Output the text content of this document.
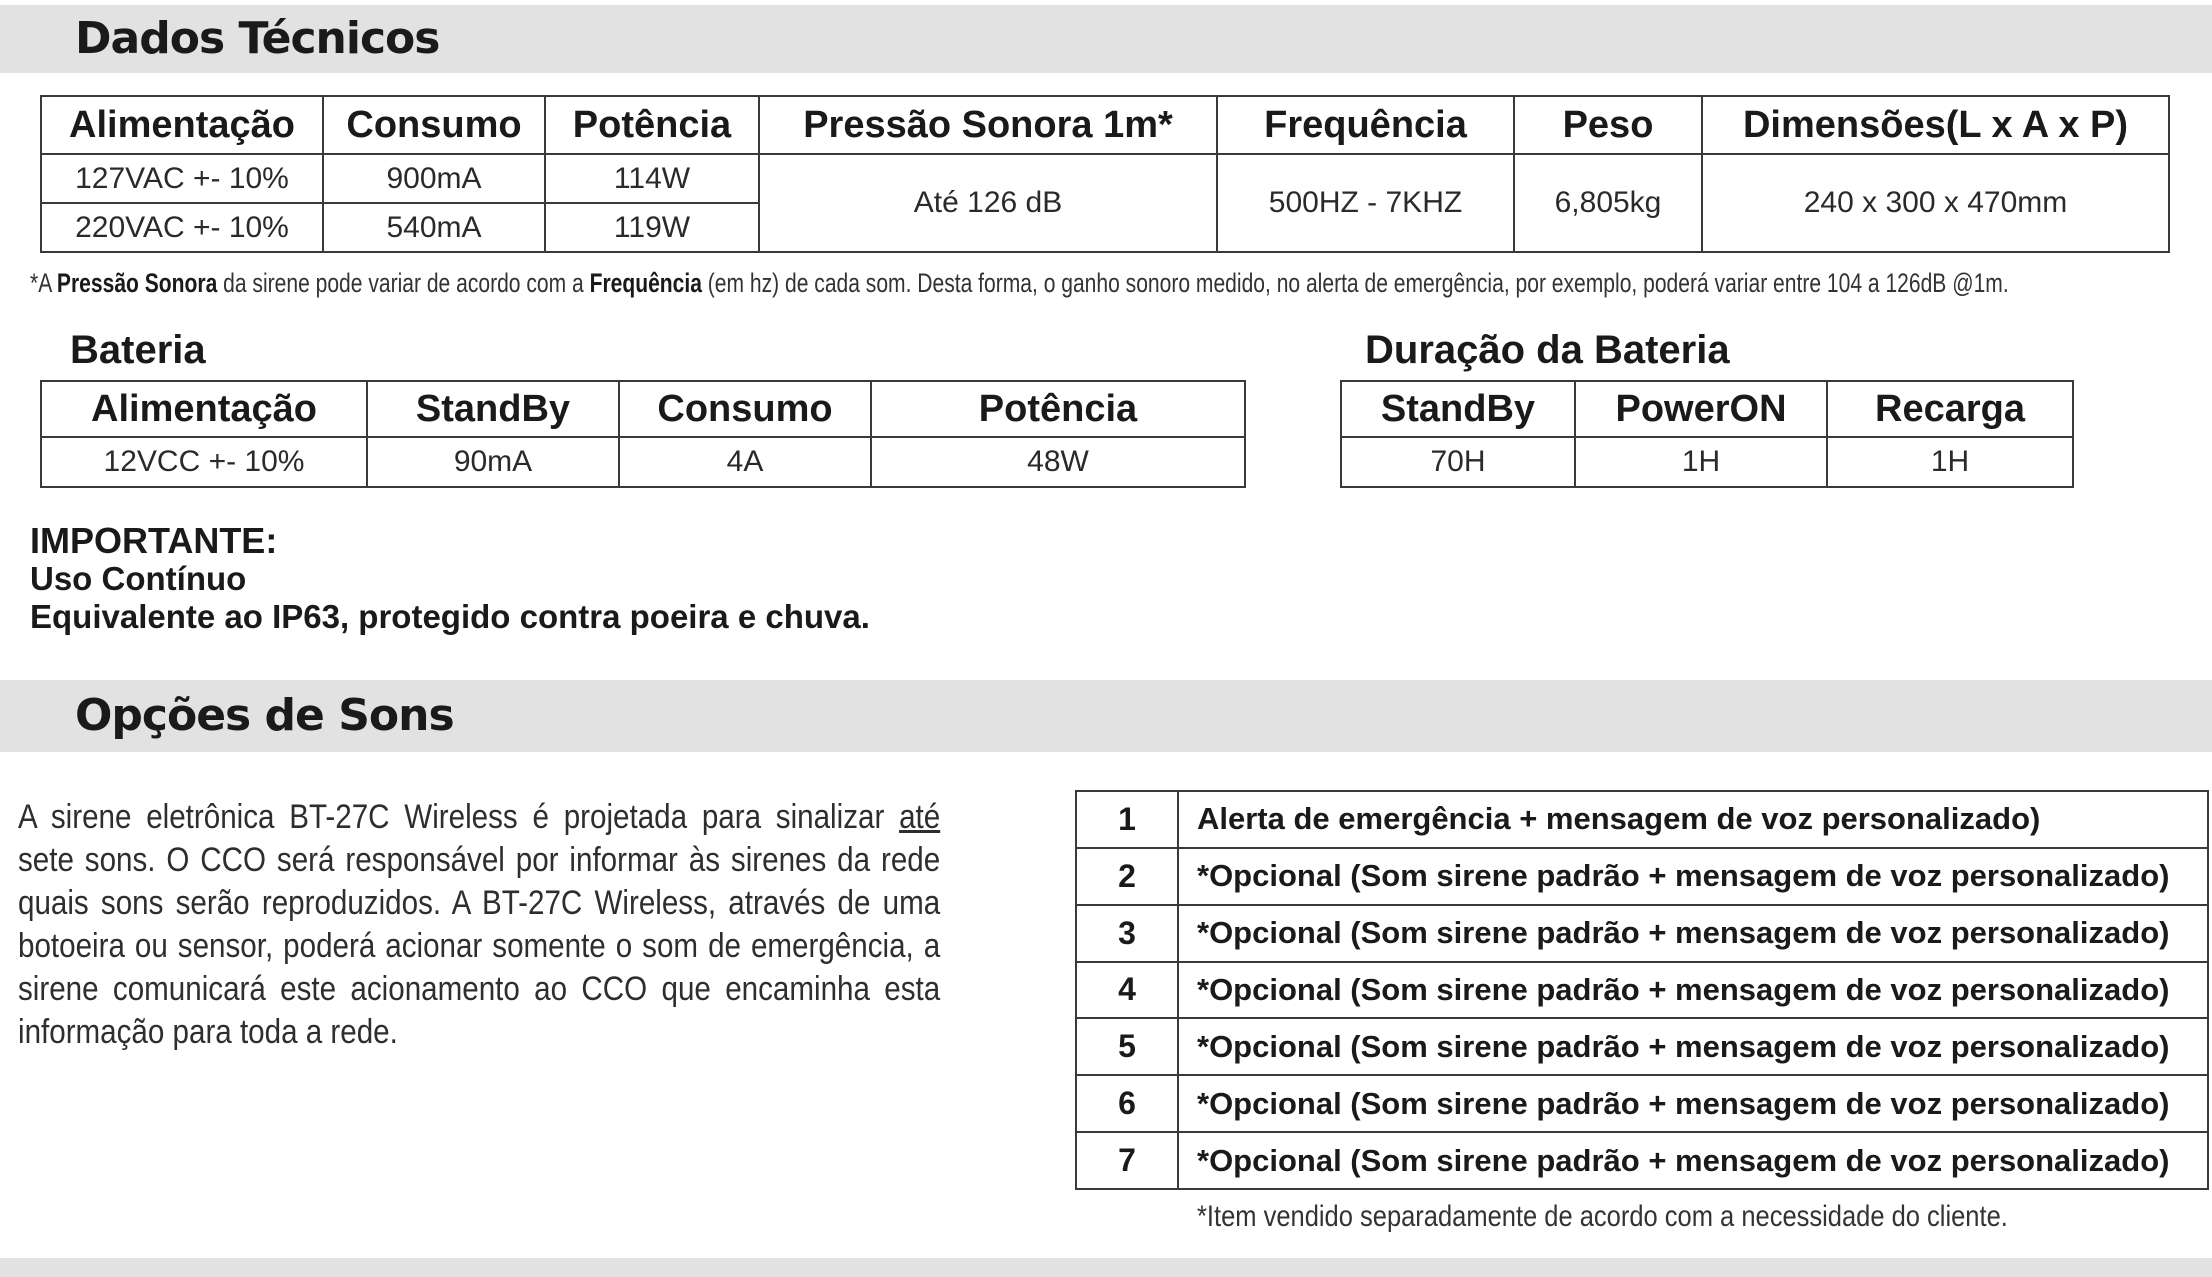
Dados Técnicos
Alimentação	Consumo	Potência	Pressão Sonora 1m*	Frequência	Peso	Dimensões(L x A x P)
127VAC +- 10%	900mA	114W	Até 126 dB	500HZ - 7KHZ	6,805kg	240 x 300 x 470mm
220VAC +- 10%	540mA	119W				
*A Pressão Sonora da sirene pode variar de acordo com a Frequência (em hz) de cada som. Desta forma, o ganho sonoro medido, no alerta de emergência, por exemplo, poderá variar entre 104 a 126dB @1m.
Bateria
Alimentação	StandBy	Consumo	Potência
12VCC +- 10%	90mA	4A	48W
Duração da Bateria
StandBy	PowerON	Recarga
70H	1H	1H
IMPORTANTE:
Uso Contínuo
Equivalente ao IP63, protegido contra poeira e chuva.
Opções de Sons
A sirene eletrônica BT-27C Wireless é projetada para sinalizar até sete sons. O CCO será responsável por informar às sirenes da rede quais sons serão reproduzidos. A BT-27C Wireless, através de uma botoeira ou sensor, poderá acionar somente o som de emergência, a sirene comunicará este acionamento ao CCO que encaminha esta informação para toda a rede.
1	Alerta de emergência + mensagem de voz personalizado)
2	*Opcional (Som sirene padrão + mensagem de voz personalizado)
3	*Opcional (Som sirene padrão + mensagem de voz personalizado)
4	*Opcional (Som sirene padrão + mensagem de voz personalizado)
5	*Opcional (Som sirene padrão + mensagem de voz personalizado)
6	*Opcional (Som sirene padrão + mensagem de voz personalizado)
7	*Opcional (Som sirene padrão + mensagem de voz personalizado)
*Item vendido separadamente de acordo com a necessidade do cliente.
